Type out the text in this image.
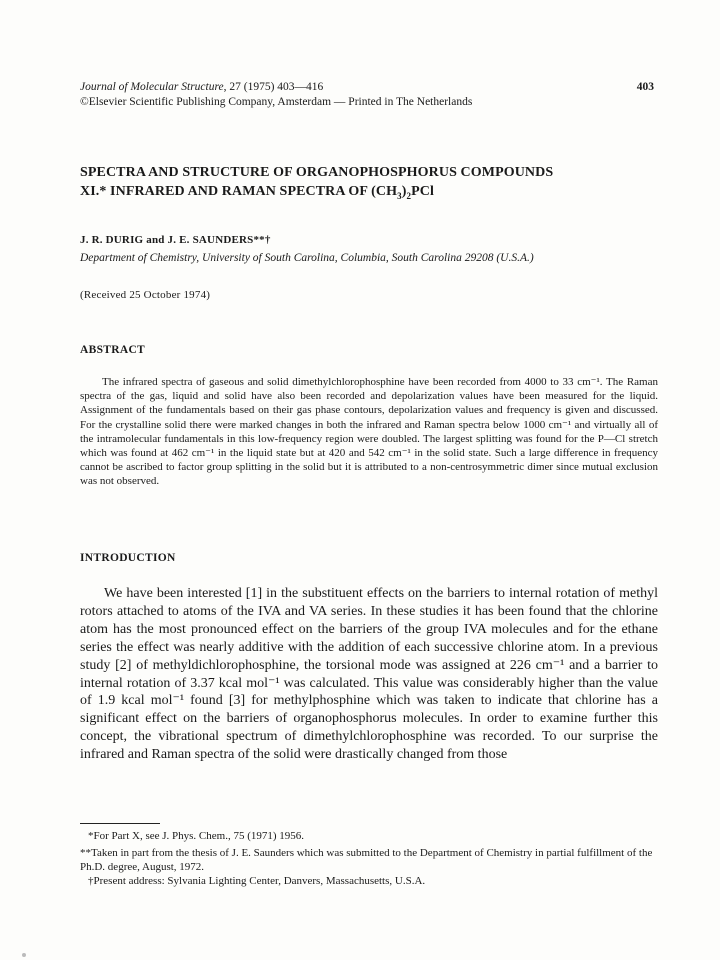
Journal of Molecular Structure, 27 (1975) 403—416	403
©Elsevier Scientific Publishing Company, Amsterdam — Printed in The Netherlands
SPECTRA AND STRUCTURE OF ORGANOPHOSPHORUS COMPOUNDS
XI.* INFRARED AND RAMAN SPECTRA OF $(CH_3)_2PCl$
J. R. DURIG and J. E. SAUNDERS**†
Department of Chemistry, University of South Carolina, Columbia, South Carolina 29208 (U.S.A.)
(Received 25 October 1974)
ABSTRACT
The infrared spectra of gaseous and solid dimethylchlorophosphine have been recorded from 4000 to 33 cm⁻¹. The Raman spectra of the gas, liquid and solid have also been recorded and depolarization values have been measured for the liquid. Assignment of the fundamentals based on their gas phase contours, depolarization values and frequency is given and discussed. For the crystalline solid there were marked changes in both the infrared and Raman spectra below 1000 cm⁻¹ and virtually all of the intramolecular fundamentals in this low-frequency region were doubled. The largest splitting was found for the P—Cl stretch which was found at 462 cm⁻¹ in the liquid state but at 420 and 542 cm⁻¹ in the solid state. Such a large difference in frequency cannot be ascribed to factor group splitting in the solid but it is attributed to a non-centrosymmetric dimer since mutual exclusion was not observed.
INTRODUCTION
We have been interested [1] in the substituent effects on the barriers to internal rotation of methyl rotors attached to atoms of the IVA and VA series. In these studies it has been found that the chlorine atom has the most pronounced effect on the barriers of the group IVA molecules and for the ethane series the effect was nearly additive with the addition of each successive chlorine atom. In a previous study [2] of methyldichlorophosphine, the torsional mode was assigned at 226 cm⁻¹ and a barrier to internal rotation of 3.37 kcal mol⁻¹ was calculated. This value was considerably higher than the value of 1.9 kcal mol⁻¹ found [3] for methylphosphine which was taken to indicate that chlorine has a significant effect on the barriers of organophosphorus molecules. In order to examine further this concept, the vibrational spectrum of dimethylchlorophosphine was recorded. To our surprise the infrared and Raman spectra of the solid were drastically changed from those
*For Part X, see J. Phys. Chem., 75 (1971) 1956.
**Taken in part from the thesis of J. E. Saunders which was submitted to the Department of Chemistry in partial fulfillment of the Ph.D. degree, August, 1972.
†Present address: Sylvania Lighting Center, Danvers, Massachusetts, U.S.A.
